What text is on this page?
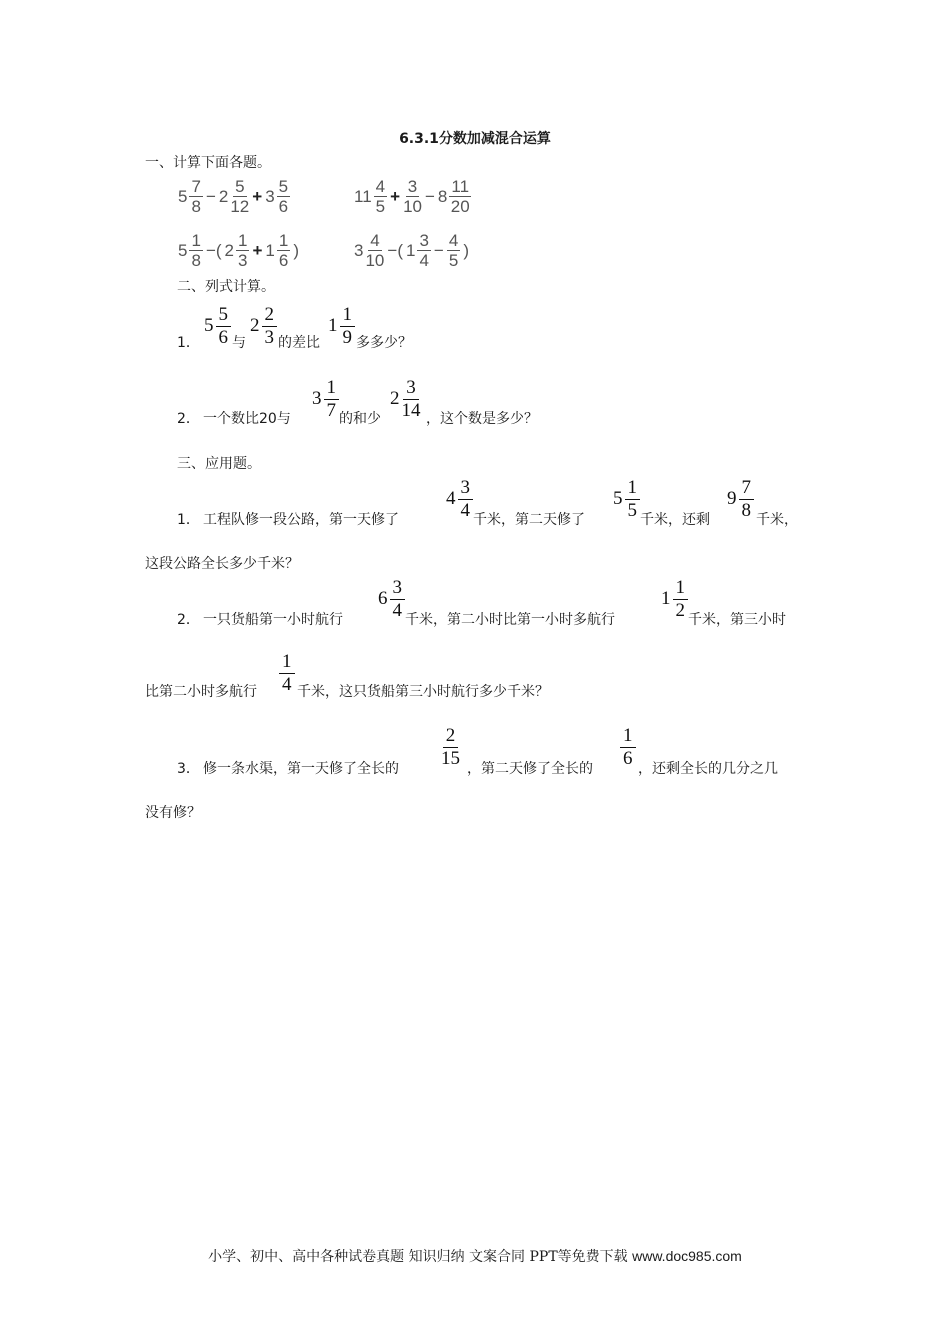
6.3.1分数加减混合运算
一、计算下面各题。
$5 \frac{7}{8} - 2 \frac{5}{12} + 3 \frac{5}{6}$	$11 \frac{4}{5} + \frac{3}{10} - 8 \frac{11}{20}$
$5 \frac{1}{8}$ −( $2 \frac{1}{3} + 1 \frac{1}{6}$ )	$3 \frac{4}{10}$ −( $1 \frac{3}{4} - \frac{4}{5}$ )
二、列式计算。
1．
$5 \frac{5}{6}$ 与
$2 \frac{2}{3}$ 的差比
$1 \frac{1}{9}$ 多多少？
2． 一个数比20与
$3 \frac{1}{7}$ 的和少
$2 \frac{3}{14}$ ，这个数是多少？
三、应用题。
1． 工程队修一段公路，第一天修了
$4 \frac{3}{4}$ 千米，第二天修了
$5 \frac{1}{5}$ 千米，还剩
$9 \frac{7}{8}$ 千米，
这段公路全长多少千米？
2． 一只货船第一小时航行
$6 \frac{3}{4}$ 千米，第二小时比第一小时多航行
$1 \frac{1}{2}$ 千米，第三小时
比第二小时多航行 $\frac{1}{4}$ 千米，这只货船第三小时航行多少千米？
3． 修一条水渠，第一天修了全长的
$\frac{2}{15}$
，第二天修了全长的
$\frac{1}{6}$
，还剩全长的几分之几
没有修？
小学、初中、高中各种试卷真题 知识归纳 文案合同 PPT等免费下载 www.doc985.com
